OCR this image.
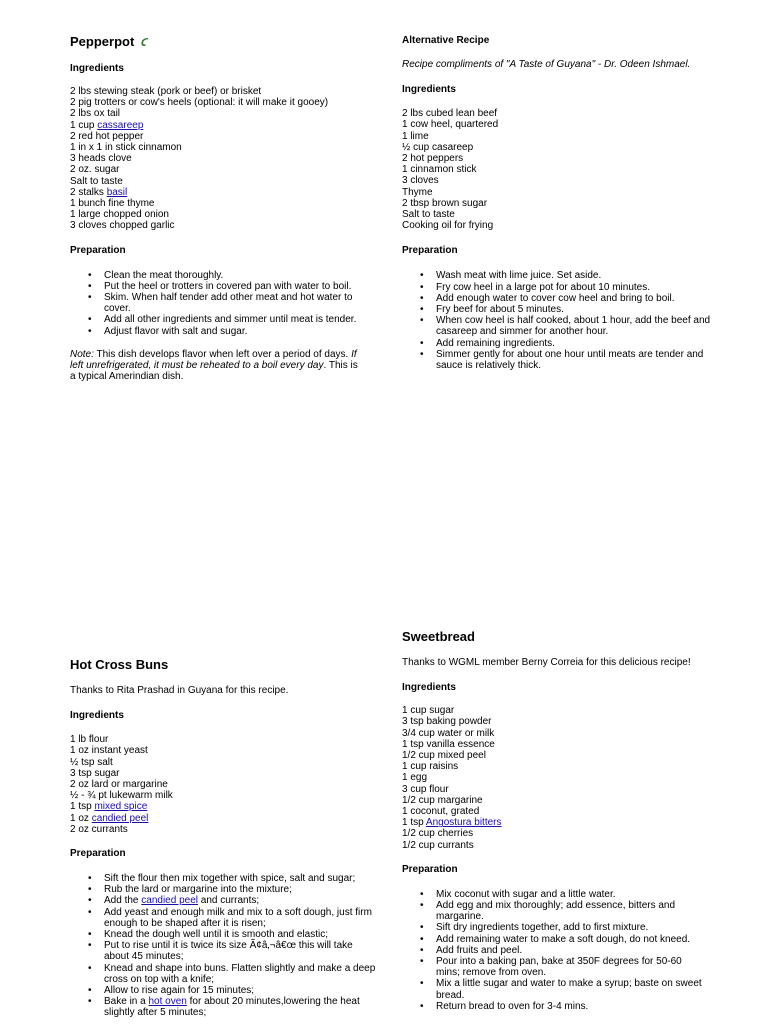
Pepperpot
Ingredients
2 lbs stewing steak (pork or beef) or brisket
2 pig trotters or cow's heels (optional: it will make it gooey)
2 lbs ox tail
1 cup cassareep
2 red hot pepper
1 in x 1 in stick cinnamon
3 heads clove
2 oz. sugar
Salt to taste
2 stalks basil
1 bunch fine thyme
1 large chopped onion
3 cloves chopped garlic
Preparation
• Clean the meat thoroughly.
• Put the heel or trotters in covered pan with water to boil.
• Skim. When half tender add other meat and hot water to cover.
• Add all other ingredients and simmer until meat is tender.
• Adjust flavor with salt and sugar.

Note: This dish develops flavor when left over a period of days. If left unrefrigerated, it must be reheated to a boil every day. This is a typical Amerindian dish.

Alternative Recipe

Recipe compliments of "A Taste of Guyana" - Dr. Odeen Ishmael.

Ingredients
2 lbs cubed lean beef
1 cow heel, quartered
1 lime
½ cup casareep
2 hot peppers
1 cinnamon stick
3 cloves
Thyme
2 tbsp brown sugar
Salt to taste
Cooking oil for frying
Preparation
• Wash meat with lime juice. Set aside.
• Fry cow heel in a large pot for about 10 minutes.
• Add enough water to cover cow heel and bring to boil.
• Fry beef for about 5 minutes.
• When cow heel is half cooked, about 1 hour, add the beef and casareep and simmer for another hour.
• Add remaining ingredients.
• Simmer gently for about one hour until meats are tender and sauce is relatively thick.
Hot Cross Buns

Thanks to Rita Prashad in Guyana for this recipe.

Ingredients
1 lb flour
1 oz instant yeast
½ tsp salt
3 tsp sugar
2 oz lard or margarine
½ - ¾ pt lukewarm milk
1 tsp mixed spice
1 oz candied peel
2 oz currants
Preparation
• Sift the flour then mix together with spice, salt and sugar;
• Rub the lard or margarine into the mixture;
• Add the candied peel and currants;
• Add yeast and enough milk and mix to a soft dough, just firm enough to be shaped after it is risen;
• Knead the dough well until it is smooth and elastic;
• Put to rise until it is twice its size Ã¢â‚¬â€œ this will take about 45 minutes;
• Knead and shape into buns. Flatten slightly and make a deep cross on top with a knife;
• Allow to rise again for 15 minutes;
• Bake in a hot oven for about 20 minutes,lowering the heat slightly after 5 minutes;
Sweetbread

Thanks to WGML member Berny Correia for this delicious recipe!

Ingredients
1 cup sugar
3 tsp baking powder
3/4 cup water or milk
1 tsp vanilla essence
1/2 cup mixed peel
1 cup raisins
1 egg
3 cup flour
1/2 cup margarine
1 coconut, grated
1 tsp Angostura bitters
1/2 cup cherries
1/2 cup currants
Preparation
• Mix coconut with sugar and a little water.
• Add egg and mix thoroughly; add essence, bitters and margarine.
• Sift dry ingredients together, add to first mixture.
• Add remaining water to make a soft dough, do not kneed.
• Add fruits and peel.
• Pour into a baking pan, bake at 350F degrees for 50-60 mins; remove from oven.
• Mix a little sugar and water to make a syrup; baste on sweet bread.
• Return bread to oven for 3-4 mins.
